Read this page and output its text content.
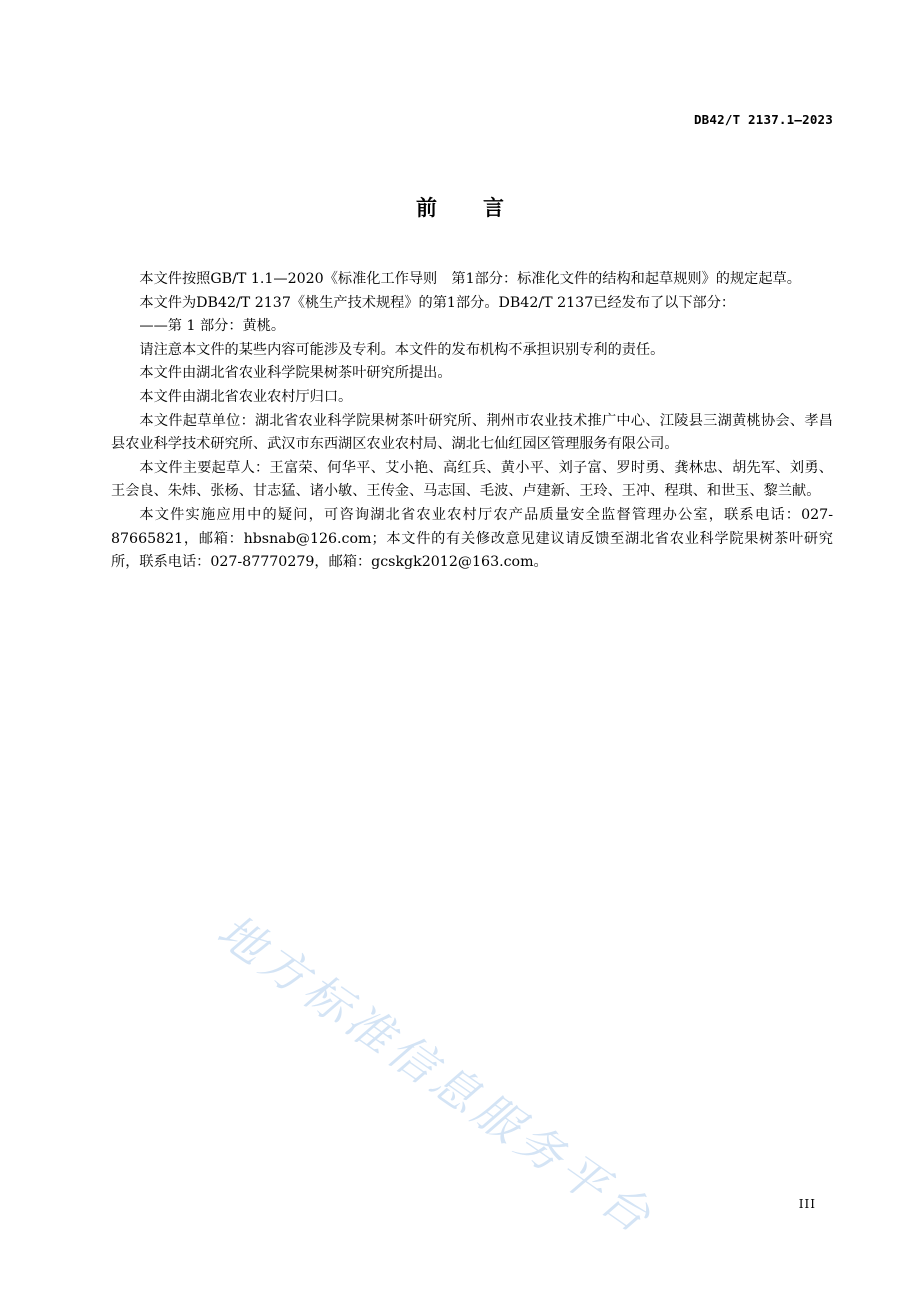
DB42/T 2137.1—2023
前 言

本文件按照GB/T 1.1—2020《标准化工作导则　第1部分：标准化文件的结构和起草规则》的规定起草。

本文件为DB42/T 2137《桃生产技术规程》的第1部分。DB42/T 2137已经发布了以下部分：

——第 1 部分：黄桃。

请注意本文件的某些内容可能涉及专利。本文件的发布机构不承担识别专利的责任。

本文件由湖北省农业科学院果树茶叶研究所提出。

本文件由湖北省农业农村厅归口。

本文件起草单位：湖北省农业科学院果树茶叶研究所、荆州市农业技术推广中心、江陵县三湖黄桃协会、孝昌县农业科学技术研究所、武汉市东西湖区农业农村局、湖北七仙红园区管理服务有限公司。

本文件主要起草人：王富荣、何华平、艾小艳、高红兵、黄小平、刘子富、罗时勇、龚林忠、胡先军、刘勇、王会良、朱炜、张杨、甘志猛、诸小敏、王传金、马志国、毛波、卢建新、王玲、王冲、程琪、和世玉、黎兰献。

本文件实施应用中的疑问，可咨询湖北省农业农村厅农产品质量安全监督管理办公室，联系电话：027-87665821，邮箱：hbsnab@126.com；本文件的有关修改意见建议请反馈至湖北省农业科学院果树茶叶研究所，联系电话：027-87770279，邮箱：gcskgk2012@163.com。

地方标准信息服务平台	III
